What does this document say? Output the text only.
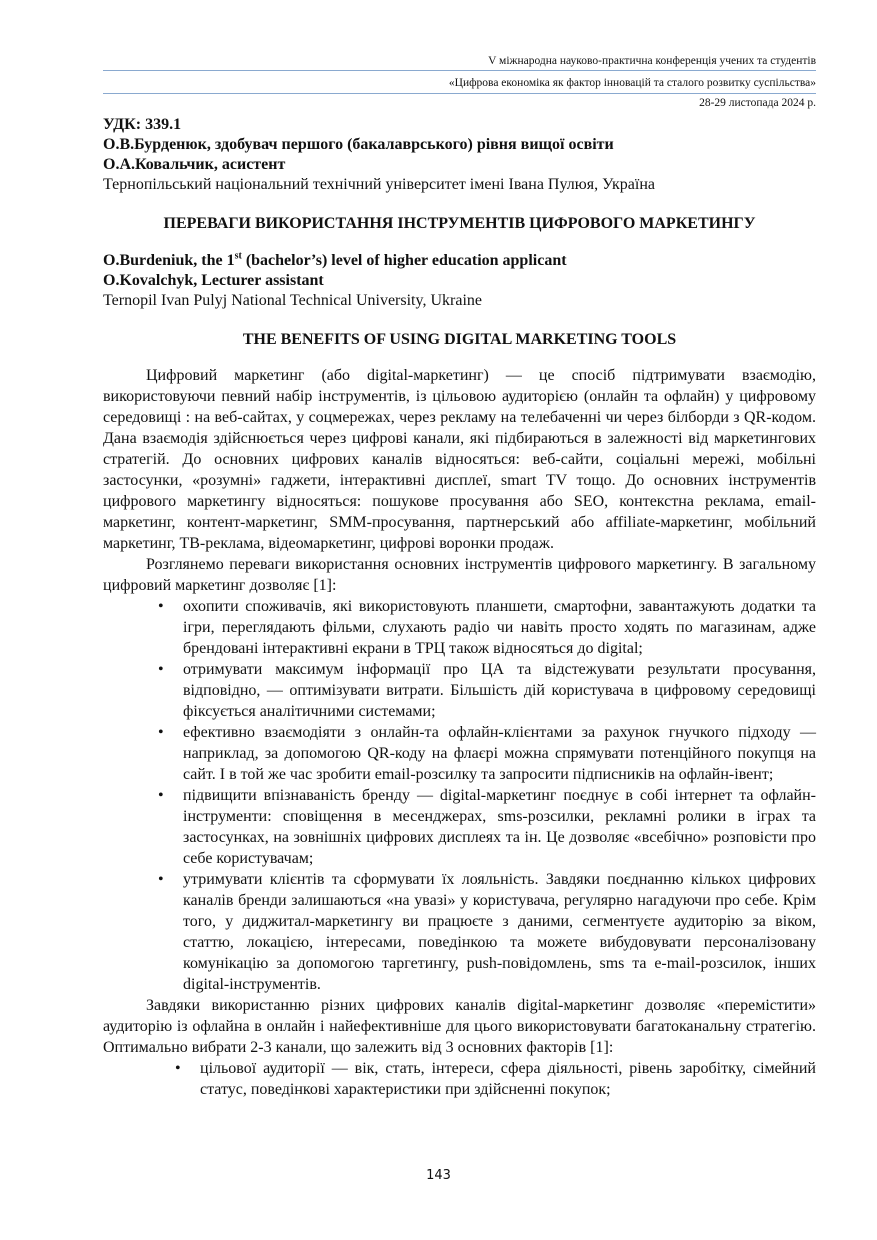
V міжнародна науково-практична конференція учених та студентів
«Цифрова економіка як фактор інновацій та сталого розвитку суспільства»
28-29 листопада 2024 р.

УДК: 339.1

О.В.Бурденюк, здобувач першого (бакалаврського) рівня вищої освіти

О.А.Ковальчик, асистент

Тернопільський національний технічний університет імені Івана Пулюя, Україна

ПЕРЕВАГИ ВИКОРИСТАННЯ ІНСТРУМЕНТІВ ЦИФРОВОГО МАРКЕТИНГУ

O.Burdeniuk, the 1st (bachelor’s) level of higher education applicant

O.Kovalchyk, Lecturer assistant

Ternopil Ivan Pulyj National Technical University, Ukraine

THE BENEFITS OF USING DIGITAL MARKETING TOOLS

Цифровий маркетинг (або digital-маркетинг) — це спосіб підтримувати взаємодію, використовуючи певний набір інструментів, із цільовою аудиторією (онлайн та офлайн) у цифровому середовищі : на веб-сайтах, у соцмережах, через рекламу на телебаченні чи через білборди з QR-кодом. Дана взаємодія здійснюється через цифрові канали, які підбираються в залежності від маркетингових стратегій. До основних цифрових каналів відносяться: веб-сайти, соціальні мережі, мобільні застосунки, «розумні» гаджети, інтерактивні дисплеї, smart TV тощо. До основних інструментів цифрового маркетингу відносяться: пошукове просування або SEO, контекстна реклама, email-маркетинг, контент-маркетинг, SMM-просування, партнерський або affiliate-маркетинг, мобільний маркетинг, ТВ-реклама, відеомаркетинг, цифрові воронки продаж.

Розглянемо переваги використання основних інструментів цифрового маркетингу. В загальному цифровий маркетинг дозволяє [1]:

• охопити споживачів, які використовують планшети, смартофни, завантажують додатки та ігри, переглядають фільми, слухають радіо чи навіть просто ходять по магазинам, адже брендовані інтерактивні екрани в ТРЦ також відносяться до digital;
• отримувати максимум інформації про ЦА та відстежувати результати просування, відповідно, — оптимізувати витрати. Більшість дій користувача в цифровому середовищі фіксується аналітичними системами;
• ефективно взаємодіяти з онлайн-та офлайн-клієнтами за рахунок гнучкого підходу — наприклад, за допомогою QR-коду на флаєрі можна спрямувати потенційного покупця на сайт. І в той же час зробити email-розсилку та запросити підписників на офлайн-івент;
• підвищити впізнаваність бренду — digital-маркетинг поєднує в собі інтернет та офлайн-інструменти: сповіщення в месенджерах, sms-розсилки, рекламні ролики в іграх та застосунках, на зовнішніх цифрових дисплеях та ін. Це дозволяє «всебічно» розповісти про себе користувачам;
• утримувати клієнтів та сформувати їх лояльність. Завдяки поєднанню кількох цифрових каналів бренди залишаються «на увазі» у користувача, регулярно нагадуючи про себе. Крім того, у диджитал-маркетингу ви працюєте з даними, сегментуєте аудиторію за віком, статтю, локацією, інтересами, поведінкою та можете вибудовувати персоналізовану комунікацію за допомогою таргетингу, push-повідомлень, sms та e-mail-розсилок, інших digital-інструментів.

Завдяки використанню різних цифрових каналів digital-маркетинг дозволяє «перемістити» аудиторію із офлайна в онлайн і найефективніше для цього використовувати багатоканальну стратегію. Оптимально вибрати 2-3 канали, що залежить від 3 основних факторів [1]:

• цільової аудиторії — вік, стать, інтереси, сфера діяльності, рівень заробітку, сімейний статус, поведінкові характеристики при здійсненні покупок;
143
